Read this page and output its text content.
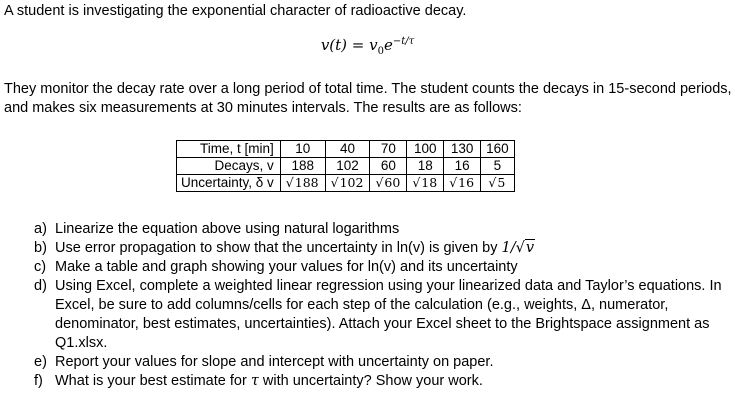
A student is investigating the exponential character of radioactive decay.
$v(t) = v_0e^{-t/\tau}$
They monitor the decay rate over a long period of total time. The student counts the decays in 15-second periods, and makes six measurements at 30 minutes intervals. The results are as follows:
Time, t [min]	10	40	70	100	130	160
Decays, v	188	102	60	18	16	5
Uncertainty, δ v	√188	√102	√60	√18	√16	√5
a) Linearize the equation above using natural logarithms
b) Use error propagation to show that the uncertainty in ln(v) is given by 1/√v
c) Make a table and graph showing your values for ln(v) and its uncertainty
d) Using Excel, complete a weighted linear regression using your linearized data and Taylor’s equations. In Excel, be sure to add columns/cells for each step of the calculation (e.g., weights, Δ, numerator, denominator, best estimates, uncertainties). Attach your Excel sheet to the Brightspace assignment as Q1.xlsx.
e) Report your values for slope and intercept with uncertainty on paper.
f) What is your best estimate for τ with uncertainty? Show your work.
